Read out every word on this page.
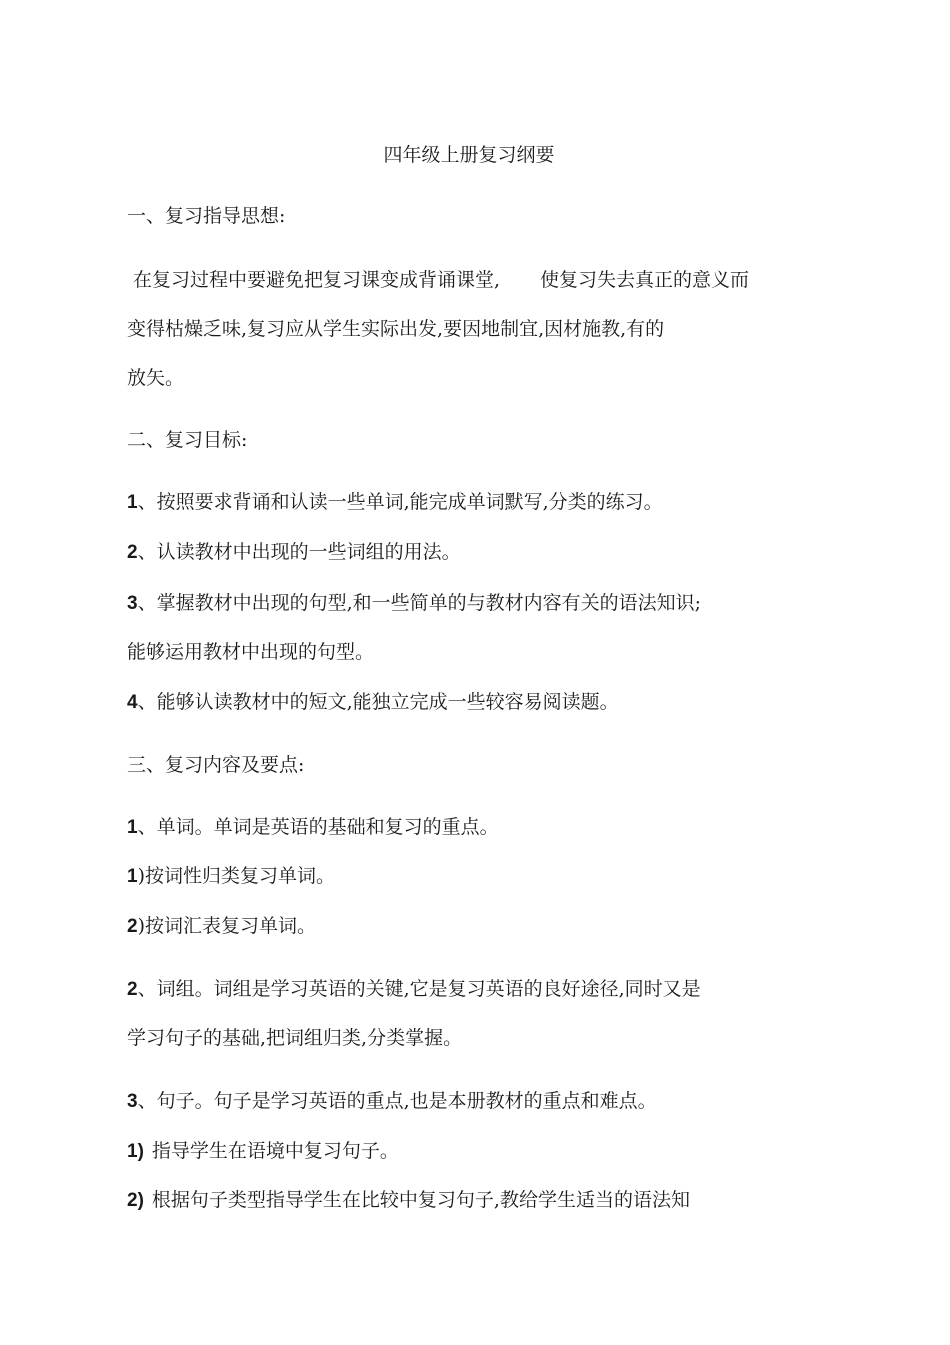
四年级上册复习纲要
一、复习指导思想:
在复习过程中要避免把复习课变成背诵课堂, 使复习失去真正的意义而
变得枯燥乏味,复习应从学生实际出发,要因地制宜,因材施教,有的
放矢。
二、复习目标:
1、按照要求背诵和认读一些单词,能完成单词默写,分类的练习。
2、认读教材中出现的一些词组的用法。
3、掌握教材中出现的句型,和一些简单的与教材内容有关的语法知识;
能够运用教材中出现的句型。
4、能够认读教材中的短文,能独立完成一些较容易阅读题。
三、复习内容及要点:
1、单词。单词是英语的基础和复习的重点。
1)按词性归类复习单词。
2)按词汇表复习单词。
2、词组。词组是学习英语的关键,它是复习英语的良好途径,同时又是
学习句子的基础,把词组归类,分类掌握。
3、句子。句子是学习英语的重点,也是本册教材的重点和难点。
1) 指导学生在语境中复习句子。
2) 根据句子类型指导学生在比较中复习句子,教给学生适当的语法知
